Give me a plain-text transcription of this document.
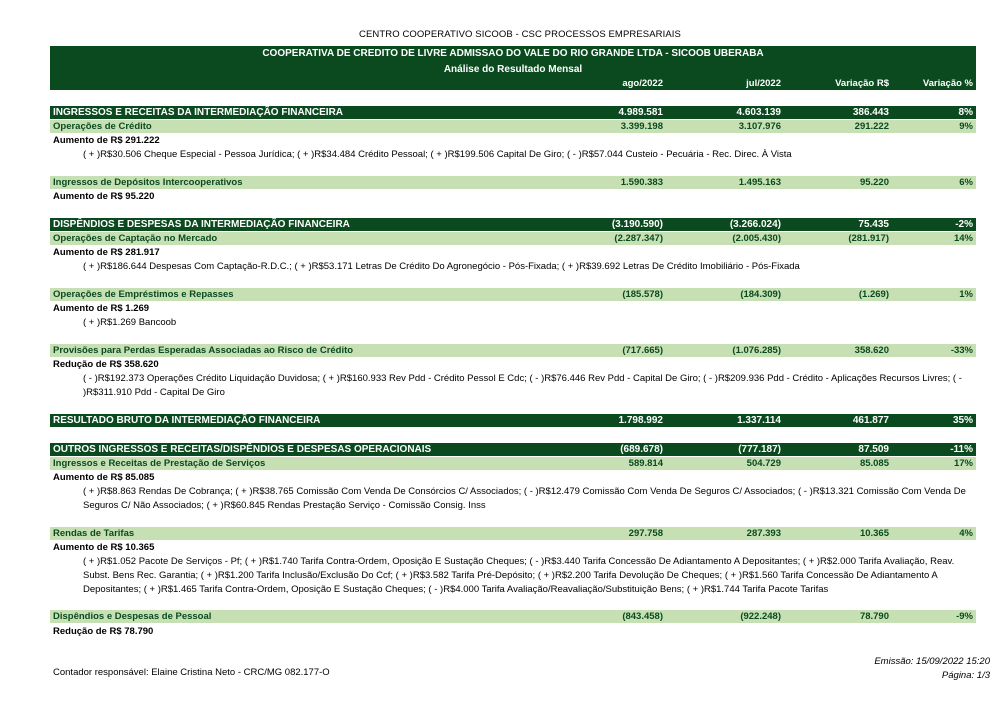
CENTRO COOPERATIVO SICOOB - CSC PROCESSOS EMPRESARIAIS
COOPERATIVA DE CREDITO DE LIVRE ADMISSAO DO VALE DO RIO GRANDE LTDA - SICOOB UBERABA
Análise do Resultado Mensal
ago/2022	jul/2022	Variação R$	Variação %
INGRESSOS E RECEITAS DA INTERMEDIAÇÃO FINANCEIRA	4.989.581	4.603.139	386.443	8%
Operações de Crédito	3.399.198	3.107.976	291.222	9%
Aumento de R$ 291.222
( + )R$30.506 Cheque Especial - Pessoa Jurídica; ( + )R$34.484 Crédito Pessoal; ( + )R$199.506 Capital De Giro; ( - )R$57.044 Custeio - Pecuária - Rec. Direc. À Vista
Ingressos de Depósitos Intercooperativos	1.590.383	1.495.163	95.220	6%
Aumento de R$ 95.220
DISPÊNDIOS E DESPESAS DA INTERMEDIAÇÃO FINANCEIRA	(3.190.590)	(3.266.024)	75.435	-2%
Operações de Captação no Mercado	(2.287.347)	(2.005.430)	(281.917)	14%
Aumento de R$ 281.917
( + )R$186.644 Despesas Com Captação-R.D.C.; ( + )R$53.171 Letras De Crédito Do Agronegócio - Pós-Fixada; ( + )R$39.692 Letras De Crédito Imobiliário - Pós-Fixada
Operações de Empréstimos e Repasses	(185.578)	(184.309)	(1.269)	1%
Aumento de R$ 1.269
( + )R$1.269 Bancoob
Provisões para Perdas Esperadas Associadas ao Risco de Crédito	(717.665)	(1.076.285)	358.620	-33%
Redução de R$ 358.620
( - )R$192.373 Operações Crédito Liquidação Duvidosa; ( + )R$160.933 Rev Pdd - Crédito Pessol E Cdc; ( - )R$76.446 Rev Pdd - Capital De Giro; ( - )R$209.936 Pdd - Crédito - Aplicações Recursos Livres; ( - )R$311.910 Pdd - Capital De Giro
RESULTADO BRUTO DA INTERMEDIAÇÃO FINANCEIRA	1.798.992	1.337.114	461.877	35%
OUTROS INGRESSOS E RECEITAS/DISPÊNDIOS E DESPESAS OPERACIONAIS	(689.678)	(777.187)	87.509	-11%
Ingressos e Receitas de Prestação de Serviços	589.814	504.729	85.085	17%
Aumento de R$ 85.085
( + )R$8.863 Rendas De Cobrança; ( + )R$38.765 Comissão Com Venda De Consórcios C/ Associados; ( - )R$12.479 Comissão Com Venda De Seguros C/ Associados; ( - )R$13.321 Comissão Com Venda De Seguros C/ Não Associados; ( + )R$60.845 Rendas Prestação Serviço - Comissão Consig. Inss
Rendas de Tarifas	297.758	287.393	10.365	4%
Aumento de R$ 10.365
( + )R$1.052 Pacote De Serviços - Pf; ( + )R$1.740 Tarifa Contra-Ordem, Oposição E Sustação Cheques; ( - )R$3.440 Tarifa Concessão De Adiantamento A Depositantes; ( + )R$2.000 Tarifa Avaliação, Reav. Subst. Bens Rec. Garantia; ( + )R$1.200 Tarifa Inclusão/Exclusão Do Ccf; ( + )R$3.582 Tarifa Pré-Depósito; ( + )R$2.200 Tarifa Devolução De Cheques; ( + )R$1.560 Tarifa Concessão De Adiantamento A Depositantes; ( + )R$1.465 Tarifa Contra-Ordem, Oposição E Sustação Cheques; ( - )R$4.000 Tarifa Avaliação/Reavaliação/Substituição Bens; ( + )R$1.744 Tarifa Pacote Tarifas
Dispêndios e Despesas de Pessoal	(843.458)	(922.248)	78.790	-9%
Redução de R$ 78.790
Contador responsável: Elaine Cristina Neto - CRC/MG 082.177-O
Emissão: 15/09/2022 15:20
Página: 1/3
